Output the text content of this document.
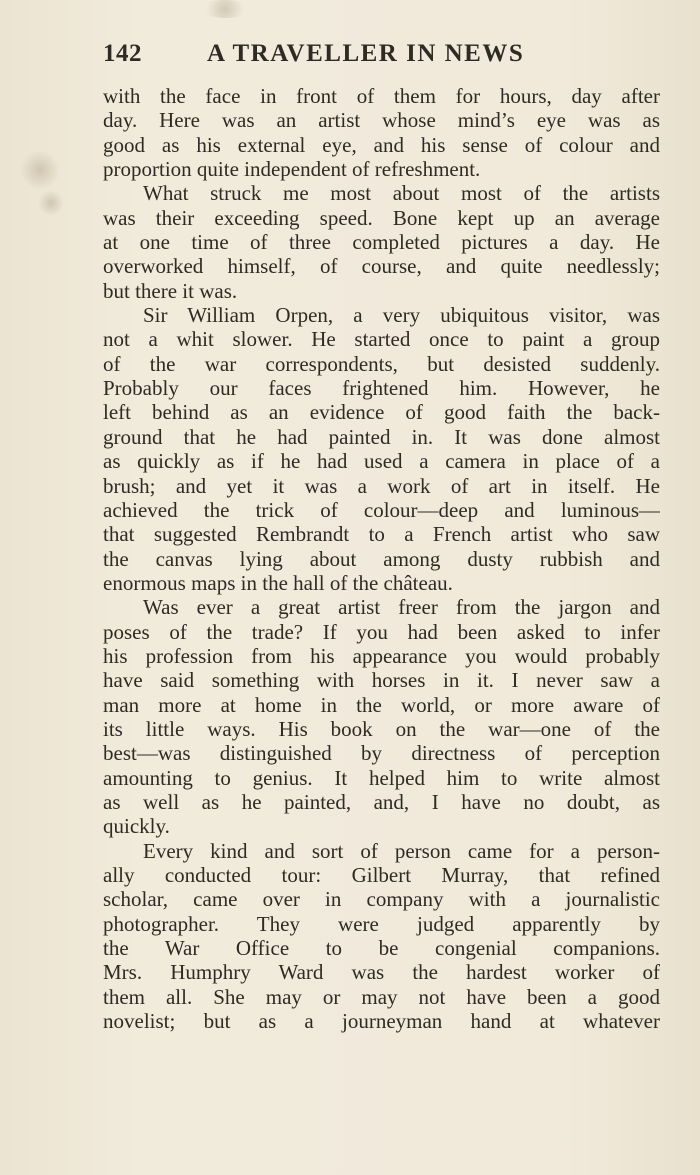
142	A TRAVELLER IN NEWS
with the face in front of them for hours, day after
day. Here was an artist whose mind’s eye was as
good as his external eye, and his sense of colour and
proportion quite independent of refreshment.
What struck me most about most of the artists
was their exceeding speed. Bone kept up an average
at one time of three completed pictures a day. He
overworked himself, of course, and quite needlessly;
but there it was.
Sir William Orpen, a very ubiquitous visitor, was
not a whit slower. He started once to paint a group
of the war correspondents, but desisted suddenly.
Probably our faces frightened him. However, he
left behind as an evidence of good faith the back-
ground that he had painted in. It was done almost
as quickly as if he had used a camera in place of a
brush; and yet it was a work of art in itself. He
achieved the trick of colour—deep and luminous—
that suggested Rembrandt to a French artist who saw
the canvas lying about among dusty rubbish and
enormous maps in the hall of the château.
Was ever a great artist freer from the jargon and
poses of the trade? If you had been asked to infer
his profession from his appearance you would probably
have said something with horses in it. I never saw a
man more at home in the world, or more aware of
its little ways. His book on the war—one of the
best—was distinguished by directness of perception
amounting to genius. It helped him to write almost
as well as he painted, and, I have no doubt, as
quickly.
Every kind and sort of person came for a person-
ally conducted tour: Gilbert Murray, that refined
scholar, came over in company with a journalistic
photographer. They were judged apparently by
the War Office to be congenial companions.
Mrs. Humphry Ward was the hardest worker of
them all. She may or may not have been a good
novelist; but as a journeyman hand at whatever
